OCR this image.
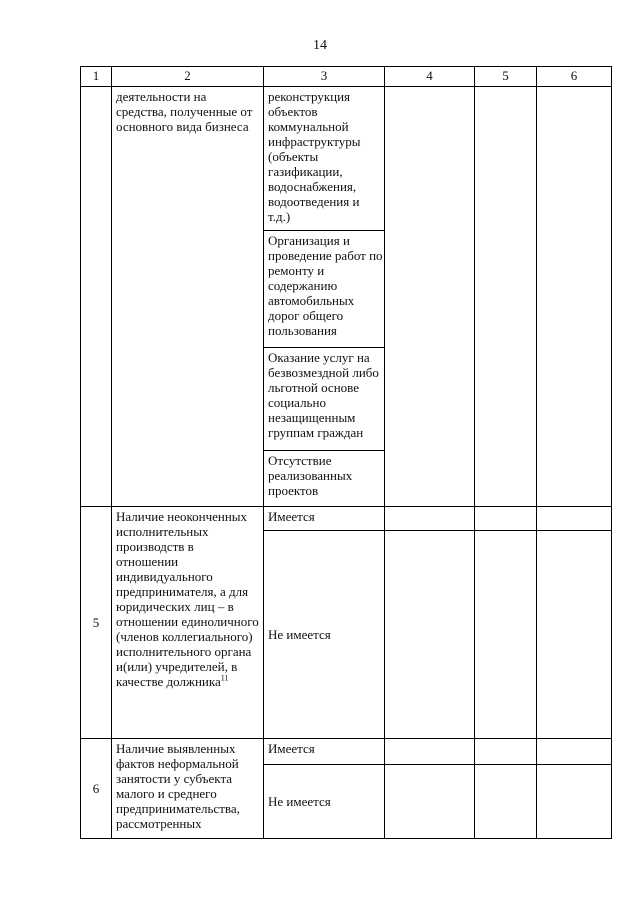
14
1	2	3	4	5	6
	деятельности на средства, полученные от основного вида бизнеса	реконструкция объектов коммунальной инфраструктуры (объекты газификации, водоснабжения, водоотведения и т.д.)			
		Организация и проведение работ по ремонту и содержанию автомобильных дорог общего пользования			
		Оказание услуг на безвозмездной либо льготной основе социально незащищенным группам граждан			
		Отсутствие реализованных проектов			
5	Наличие неоконченных исполнительных производств в отношении индивидуального предпринимателя, а для юридических лиц – в отношении единоличного (членов коллегиального) исполнительного органа и(или) учредителей, в качестве должника$^{11}$	Имеется			
		Не имеется			
6	Наличие выявленных фактов неформальной занятости у субъекта малого и среднего предпринимательства, рассмотренных	Имеется			
		Не имеется			
